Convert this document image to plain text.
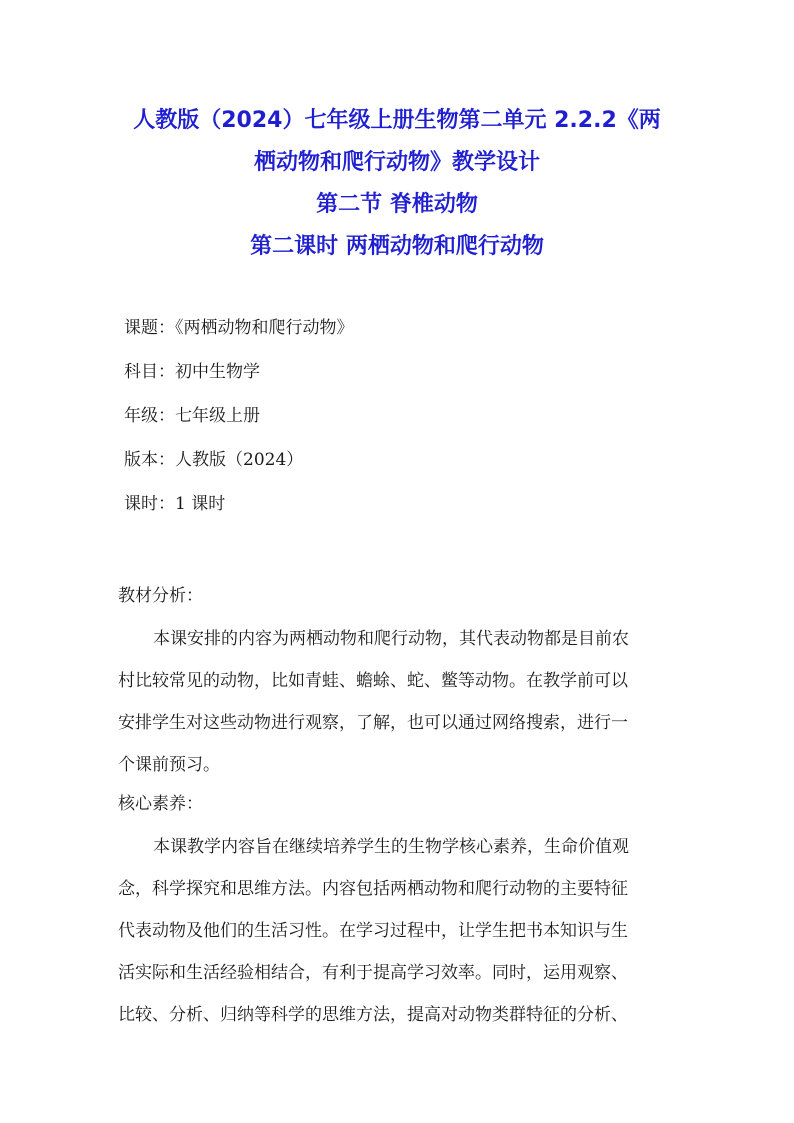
人教版（2024）七年级上册生物第二单元 2.2.2《两
栖动物和爬行动物》教学设计
第二节 脊椎动物
第二课时 两栖动物和爬行动物
课题：《两栖动物和爬行动物》
科目：初中生物学
年级：七年级上册
版本：人教版（2024）
课时：1 课时
教材分析：
本课安排的内容为两栖动物和爬行动物，其代表动物都是目前农
村比较常见的动物，比如青蛙、蟾蜍、蛇、鳖等动物。在教学前可以
安排学生对这些动物进行观察，了解，也可以通过网络搜索，进行一
个课前预习。
核心素养：
本课教学内容旨在继续培养学生的生物学核心素养，生命价值观
念，科学探究和思维方法。内容包括两栖动物和爬行动物的主要特征
代表动物及他们的生活习性。在学习过程中，让学生把书本知识与生
活实际和生活经验相结合，有利于提高学习效率。同时，运用观察、
比较、分析、归纳等科学的思维方法，提高对动物类群特征的分析、
